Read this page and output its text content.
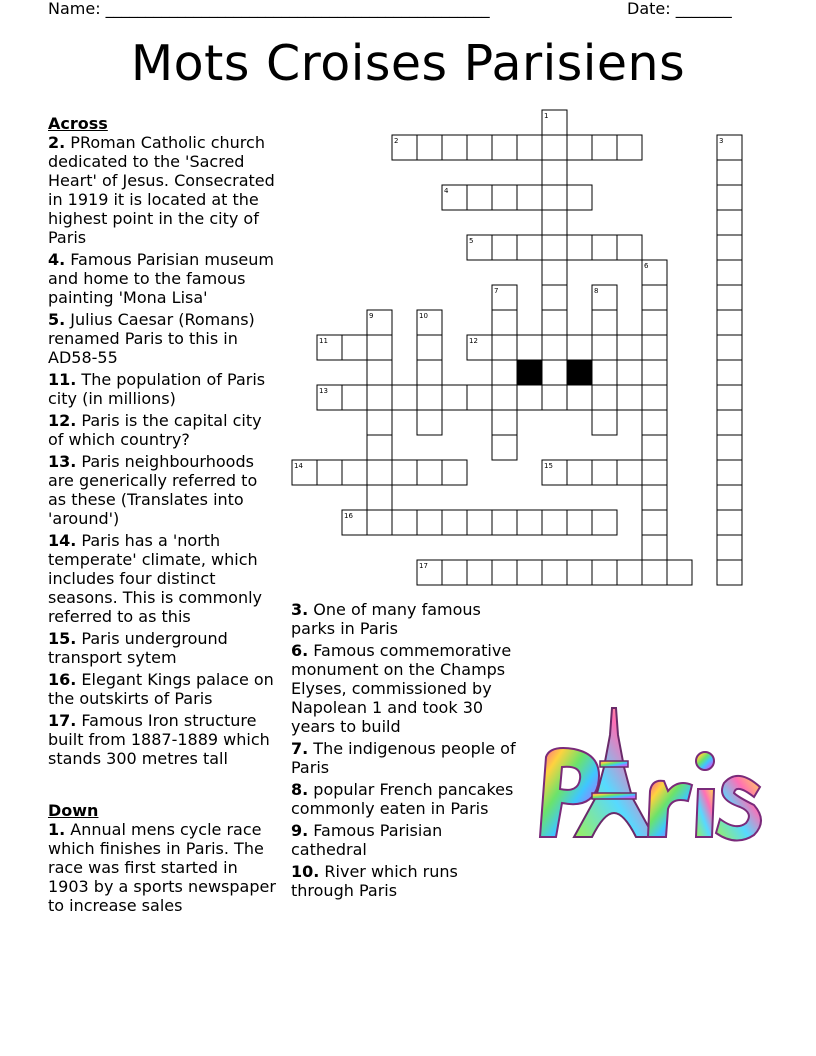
Name: ________________________________________________	Date: _______
Mots Croises Parisiens
1
2	3
4
5
6
7	8
9	10
11	12
13
14	15
16
17
Across
2. PRoman Catholic church dedicated to the 'Sacred Heart' of Jesus. Consecrated in 1919 it is located at the highest point in the city of Paris
4. Famous Parisian museum and home to the famous painting 'Mona Lisa'
5. Julius Caesar (Romans) renamed Paris to this in AD58-55
11. The population of Paris city (in millions)
12. Paris is the capital city of which country?
13. Paris neighbourhoods are generically referred to as these (Translates into 'around')
14. Paris has a 'north temperate' climate, which includes four distinct seasons. This is commonly referred to as this
15. Paris underground transport sytem
16. Elegant Kings palace on the outskirts of Paris
17. Famous Iron structure built from 1887-1889 which stands 300 metres tall
Down
1. Annual mens cycle race which finishes in Paris. The race was first started in 1903 by a sports newspaper to increase sales
3. One of many famous parks in Paris
6. Famous commemorative monument on the Champs Elyses, commissioned by Napolean 1 and took 30 years to build
7. The indigenous people of Paris
8. popular French pancakes commonly eaten in Paris
9. Famous Parisian cathedral
10. River which runs through Paris
